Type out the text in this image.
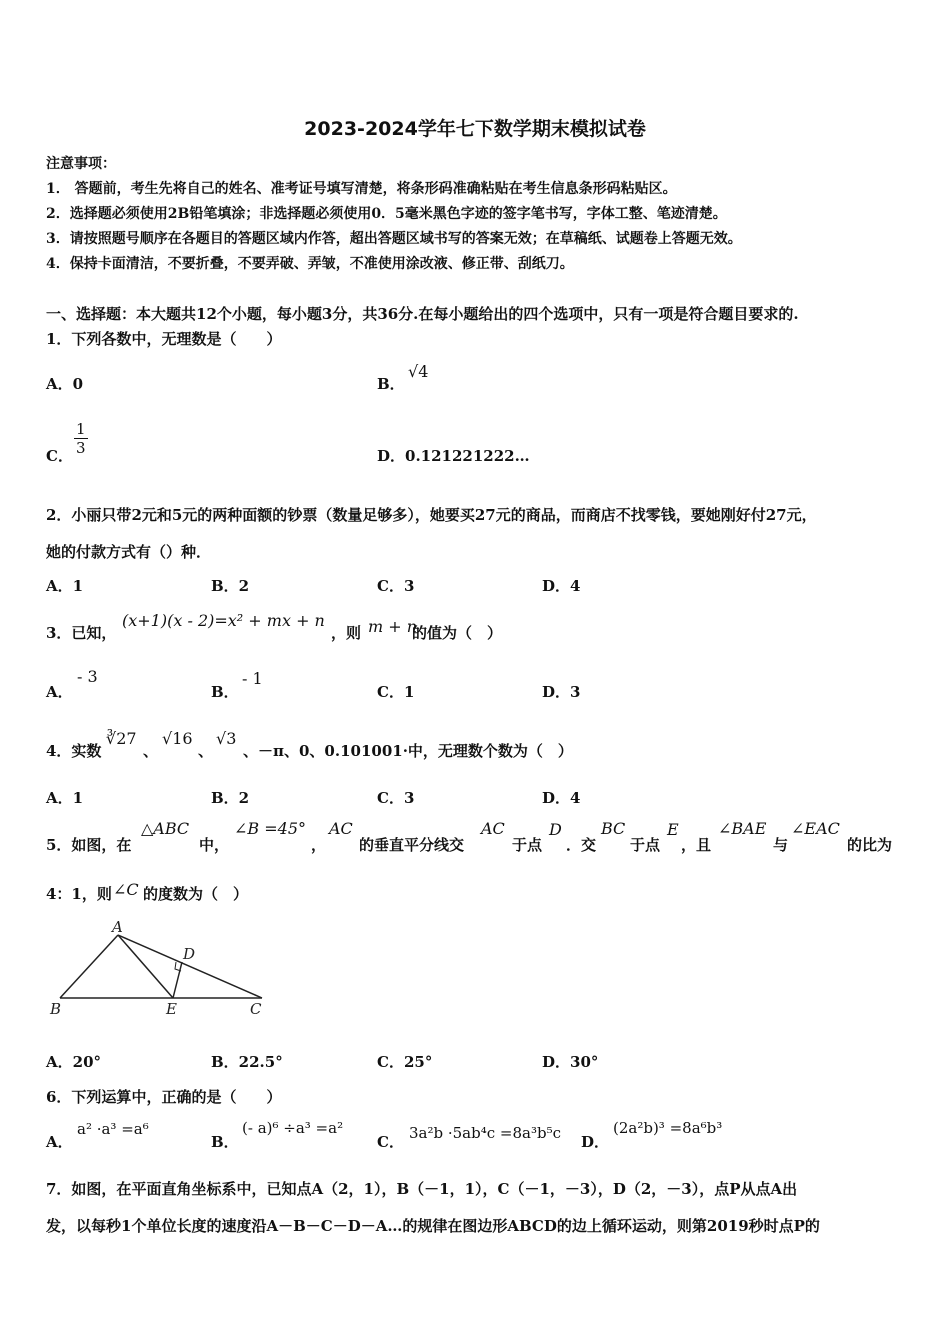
2023-2024学年七下数学期末模拟试卷
注意事项：
1． 答题前，考生先将自己的姓名、准考证号填写清楚，将条形码准确粘贴在考生信息条形码粘贴区。
2．选择题必须使用2B铅笔填涂；非选择题必须使用0．5毫米黑色字迹的签字笔书写，字体工整、笔迹清楚。
3．请按照题号顺序在各题目的答题区域内作答，超出答题区域书写的答案无效；在草稿纸、试题卷上答题无效。
4．保持卡面清洁，不要折叠，不要弄破、弄皱，不准使用涂改液、修正带、刮纸刀。
一、选择题：本大题共12个小题，每小题3分，共36分.在每小题给出的四个选项中，只有一项是符合题目要求的.
1．下列各数中，无理数是（　　）
A．0	B．
√4
C． $\frac{1}{3}$	D．0.121221222…
2．小丽只带2元和5元的两种面额的钞票（数量足够多），她要买27元的商品，而商店不找零钱，要她刚好付27元，
她的付款方式有（）种．
A．1	B．2	C．3	D．4
3．已知，
(x+1)(x - 2)=x² + mx + n
，则 m + n
的值为（　）
A．
- 3
B．
- 1
C．1	D．3
4．实数
∛27
、
√16
、
√3
、－π、0、0.101001·中，无理数个数为（　）
A．1	B．2	C．3	D．4
5．如图，在
△ABC
中，
∠B =45°
，
AC
的垂直平分线交
AC
于点
D
．交
BC
于点
E
，且
∠BAE
与
∠EAC
的比为
4：1，则 ∠C 的度数为（　）
A
B	C
D
E
A．20°	B．22.5°	C．25°	D．30°
6．下列运算中，正确的是（　　）
A．
a² ·a³ =a⁶
B．
(- a)⁶ ÷a³ =a²
C． 3a²b ·5ab⁴c =8a³b⁵c D．
(2a²b)³ =8a⁶b³
7．如图，在平面直角坐标系中，已知点A（2，1），B（－1，1），C（－1，－3），D（2，－3），点P从点A出
发，以每秒1个单位长度的速度沿A－B－C－D－A…的规律在图边形ABCD的边上循环运动，则第2019秒时点P的
